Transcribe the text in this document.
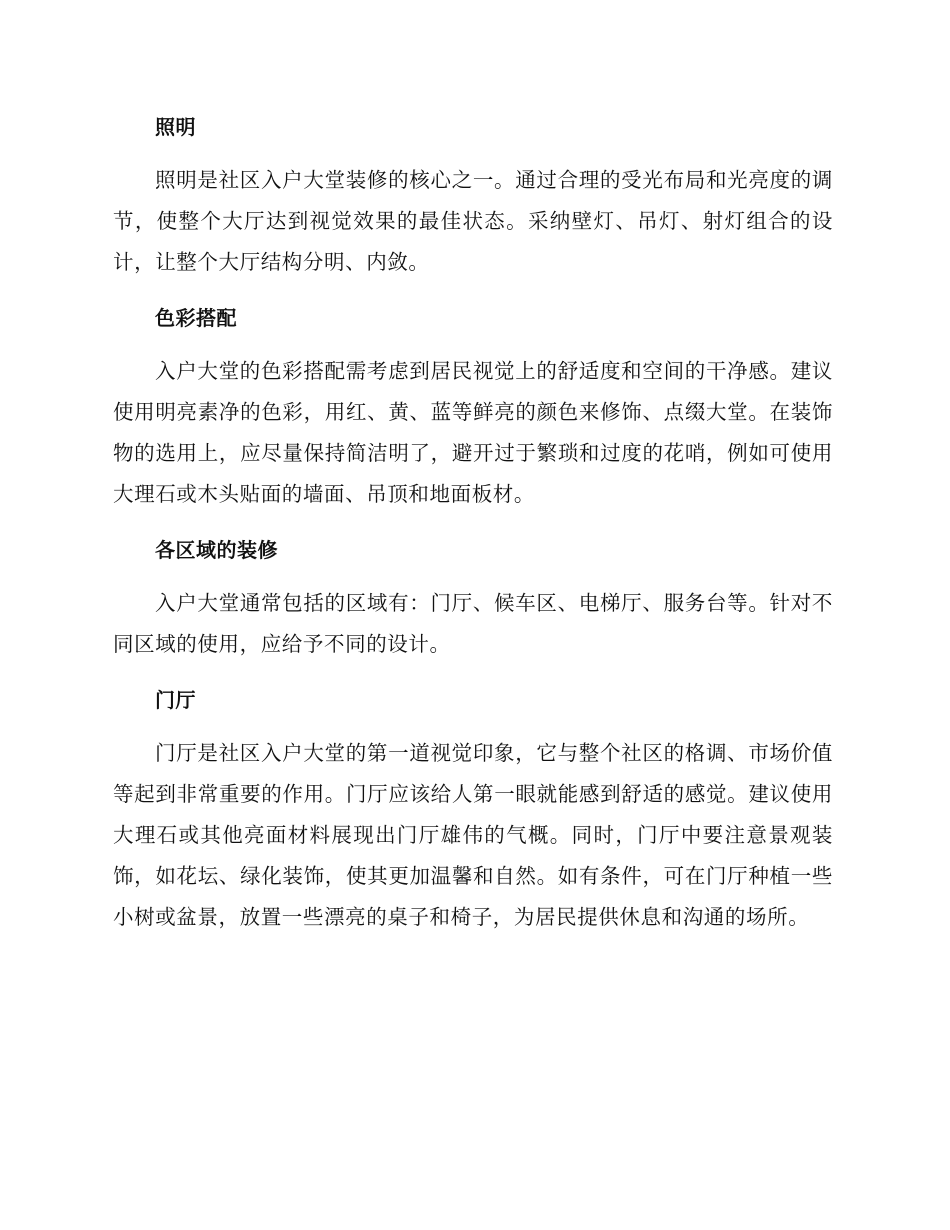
照明

照明是社区入户大堂装修的核心之一。通过合理的受光布局和光亮度的调节，使整个大厅达到视觉效果的最佳状态。采纳壁灯、吊灯、射灯组合的设计，让整个大厅结构分明、内敛。

色彩搭配

入户大堂的色彩搭配需考虑到居民视觉上的舒适度和空间的干净感。建议使用明亮素净的色彩，用红、黄、蓝等鲜亮的颜色来修饰、点缀大堂。在装饰物的选用上，应尽量保持简洁明了，避开过于繁琐和过度的花哨，例如可使用大理石或木头贴面的墙面、吊顶和地面板材。

各区域的装修

入户大堂通常包括的区域有：门厅、候车区、电梯厅、服务台等。针对不同区域的使用，应给予不同的设计。

门厅

门厅是社区入户大堂的第一道视觉印象，它与整个社区的格调、市场价值等起到非常重要的作用。门厅应该给人第一眼就能感到舒适的感觉。建议使用大理石或其他亮面材料展现出门厅雄伟的气概。同时，门厅中要注意景观装饰，如花坛、绿化装饰，使其更加温馨和自然。如有条件，可在门厅种植一些小树或盆景，放置一些漂亮的桌子和椅子，为居民提供休息和沟通的场所。
